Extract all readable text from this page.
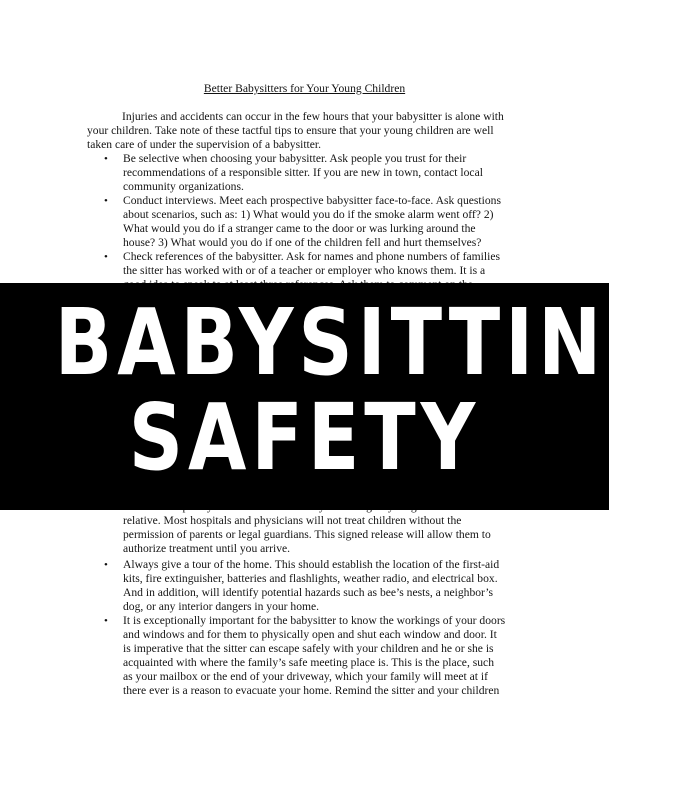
Better Babysitters for Your Young Children
Injuries and accidents can occur in the few hours that your babysitter is alone with
your children. Take note of these tactful tips to ensure that your young children are well
taken care of under the supervision of a babysitter.
• Be selective when choosing your babysitter. Ask people you trust for their
recommendations of a responsible sitter. If you are new in town, contact local
community organizations.
• Conduct interviews. Meet each prospective babysitter face-to-face. Ask questions
about scenarios, such as: 1) What would you do if the smoke alarm went off? 2)
What would you do if a stranger came to the door or was lurking around the
house? 3) What would you do if one of the children fell and hurt themselves?
• Check references of the babysitter. Ask for names and phone numbers of families
the sitter has worked with or of a teacher or employer who knows them. It is a
relative. Most hospitals and physicians will not treat children without the
permission of parents or legal guardians. This signed release will allow them to
authorize treatment until you arrive.
• Always give a tour of the home. This should establish the location of the first-aid
kits, fire extinguisher, batteries and flashlights, weather radio, and electrical box.
And in addition, will identify potential hazards such as bee’s nests, a neighbor’s
dog, or any interior dangers in your home.
• It is exceptionally important for the babysitter to know the workings of your doors
and windows and for them to physically open and shut each window and door. It
is imperative that the sitter can escape safely with your children and he or she is
acquainted with where the family’s safe meeting place is. This is the place, such
as your mailbox or the end of your driveway, which your family will meet at if
there ever is a reason to evacuate your home. Remind the sitter and your children
BABYSITTING
SAFETY
